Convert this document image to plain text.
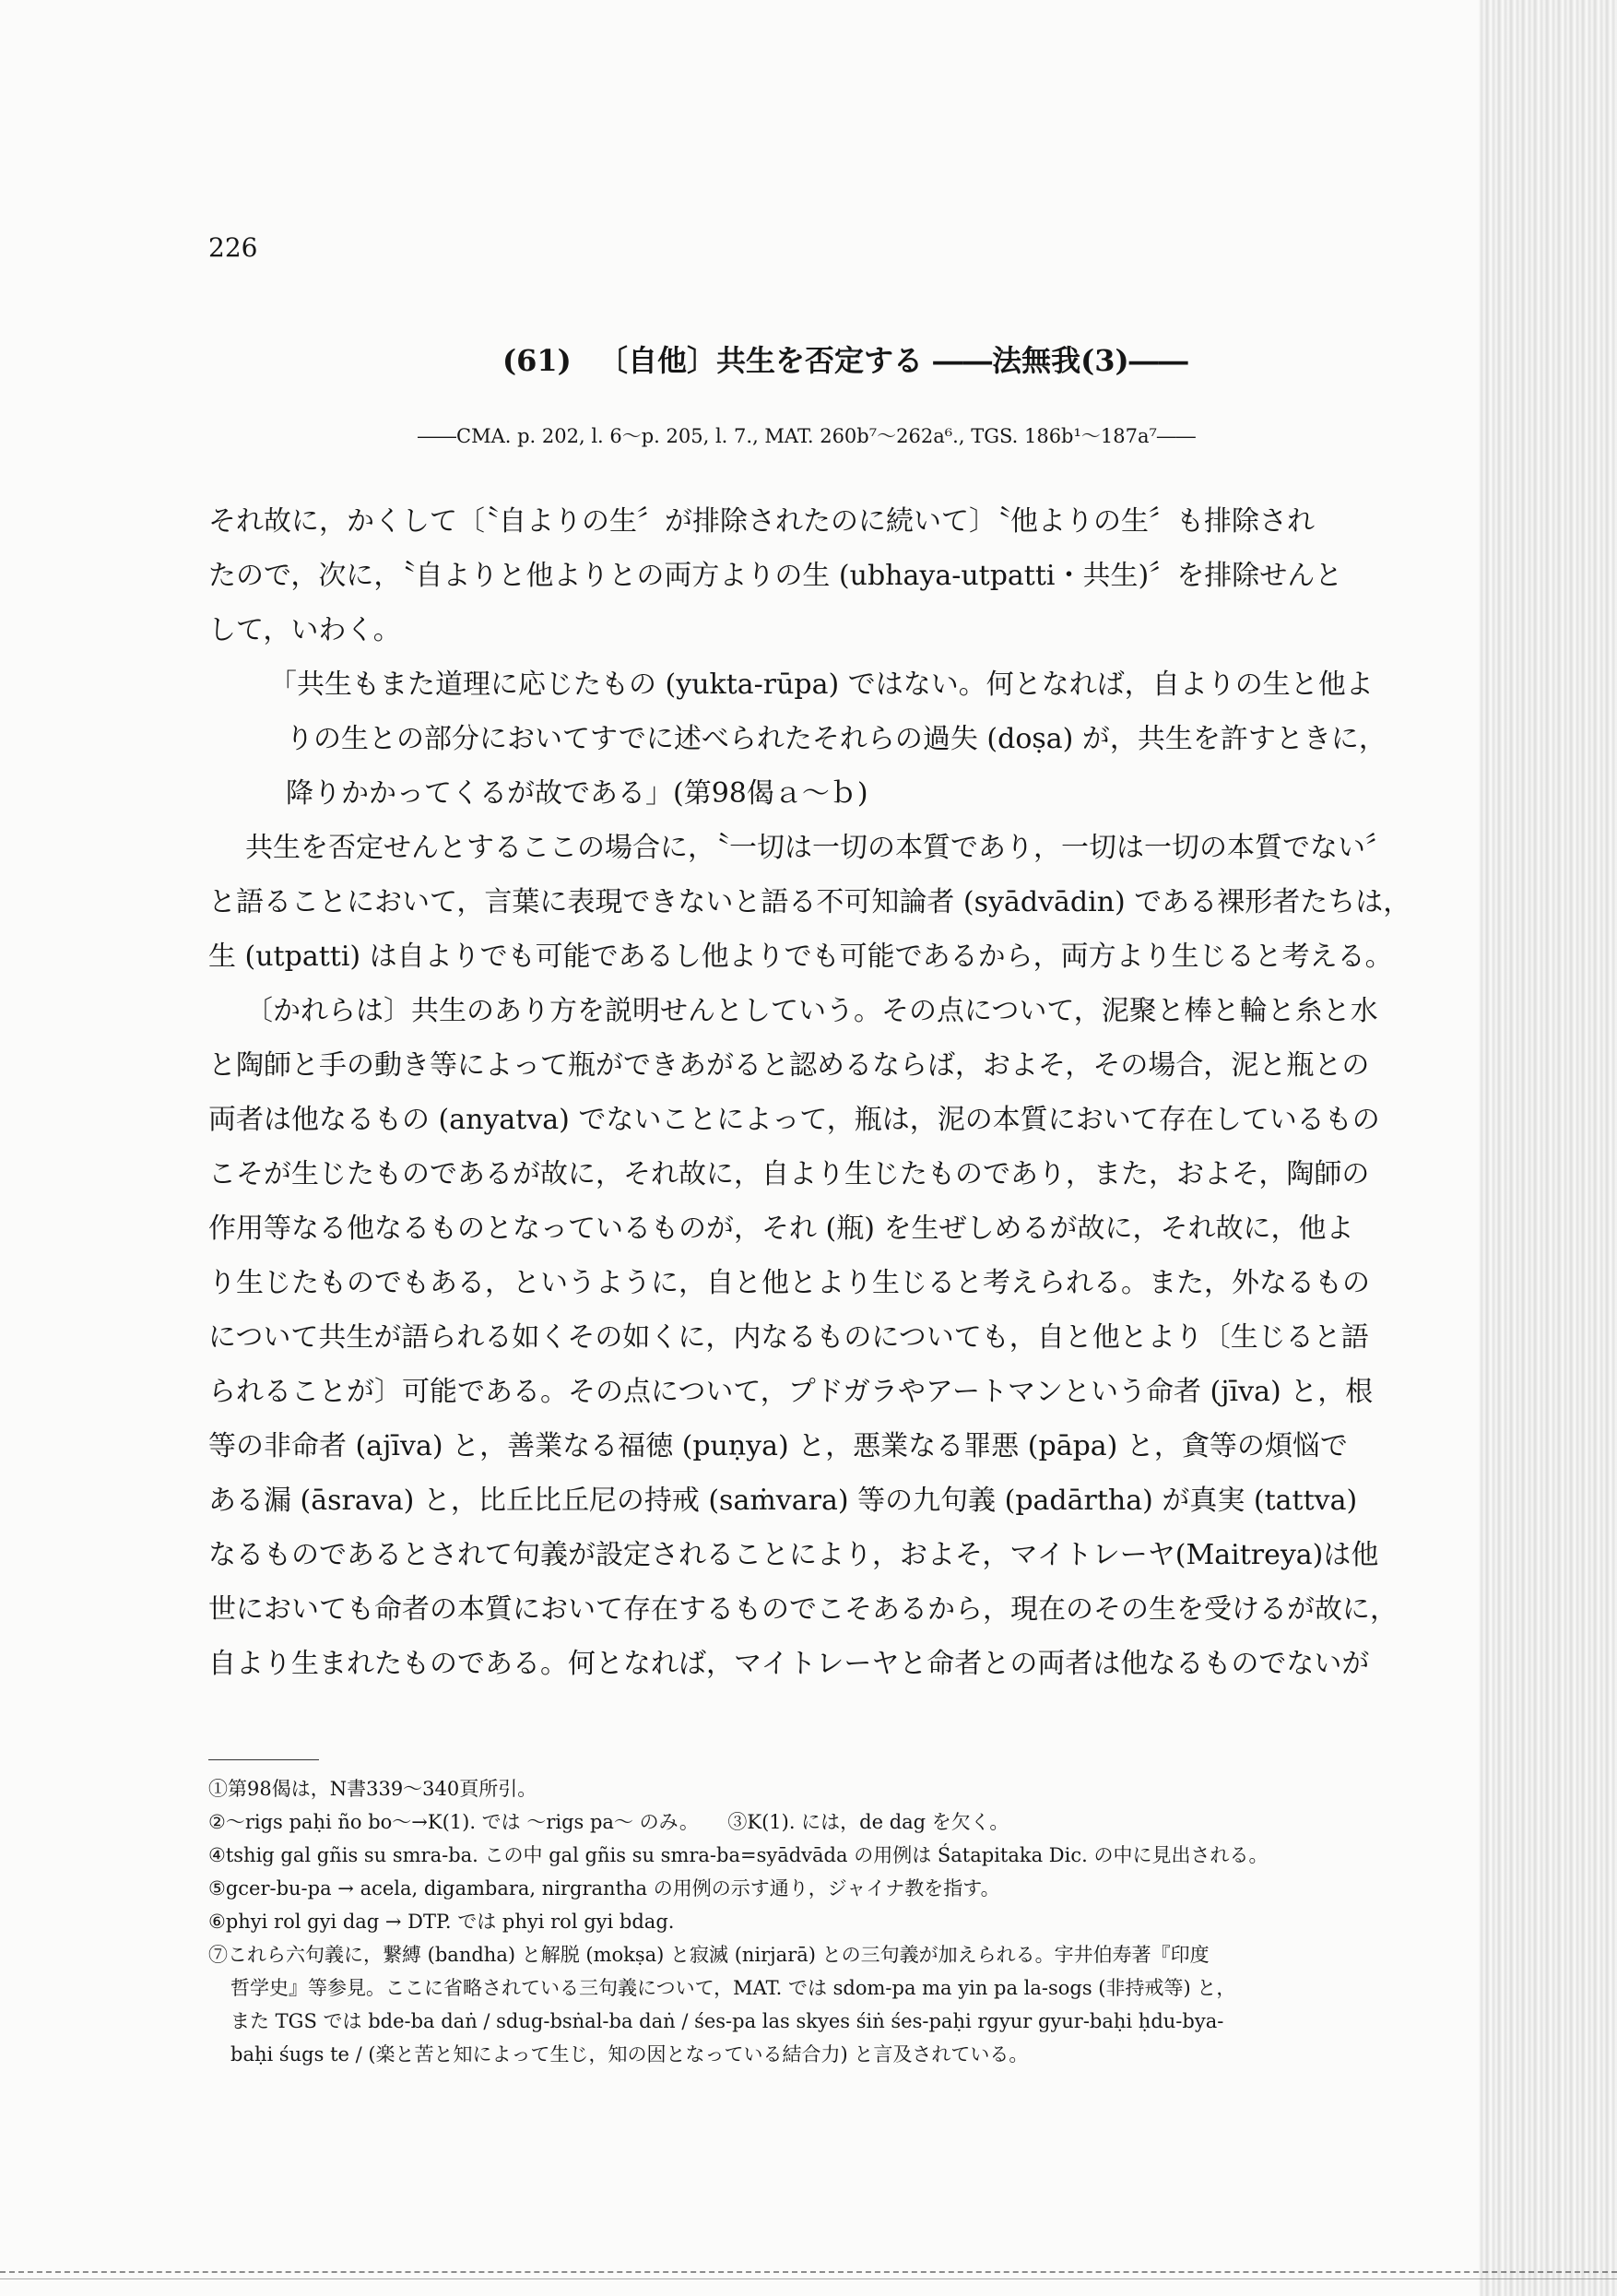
226
(61) 〔自他〕共生を否定する ――法無我(3)――
――CMA. p. 202, l. 6～p. 205, l. 7., MAT. 260b⁷～262a⁶., TGS. 186b¹～187a⁷――
それ故に，かくして〔〝自よりの生〞が排除されたのに続いて〕〝他よりの生〞も排除され
たので，次に，〝自よりと他よりとの両方よりの生 (ubhaya-utpatti・共生)〞を排除せんと
して，いわく。
「共生もまた道理に応じたもの (yukta-rūpa) ではない。何となれば，自よりの生と他よ
りの生との部分においてすでに述べられたそれらの過失 (doṣa) が，共生を許すときに，
降りかかってくるが故である」(第98偈ａ～ｂ)
共生を否定せんとするここの場合に，〝一切は一切の本質であり，一切は一切の本質でない〞
と語ることにおいて，言葉に表現できないと語る不可知論者 (syādvādin) である裸形者たちは，
生 (utpatti) は自よりでも可能であるし他よりでも可能であるから，両方より生じると考える。
〔かれらは〕共生のあり方を説明せんとしていう。その点について，泥聚と棒と輪と糸と水
と陶師と手の動き等によって瓶ができあがると認めるならば，およそ，その場合，泥と瓶との
両者は他なるもの (anyatva) でないことによって，瓶は，泥の本質において存在しているもの
こそが生じたものであるが故に，それ故に，自より生じたものであり，また，およそ，陶師の
作用等なる他なるものとなっているものが，それ (瓶) を生ぜしめるが故に，それ故に，他よ
り生じたものでもある，というように，自と他とより生じると考えられる。また，外なるもの
について共生が語られる如くその如くに，内なるものについても，自と他とより〔生じると語
られることが〕可能である。その点について，プドガラやアートマンという命者 (jīva) と，根
等の非命者 (ajīva) と，善業なる福徳 (puṇya) と，悪業なる罪悪 (pāpa) と，貪等の煩悩で
ある漏 (āsrava) と，比丘比丘尼の持戒 (saṁvara) 等の九句義 (padārtha) が真実 (tattva)
なるものであるとされて句義が設定されることにより，およそ，マイトレーヤ(Maitreya)は他
世においても命者の本質において存在するものでこそあるから，現在のその生を受けるが故に，
自より生まれたものである。何となれば，マイトレーヤと命者との両者は他なるものでないが
①第98偈は，N書339～340頁所引。
②～rigs paḥi ño bo～→K(1). では ～rigs pa～ のみ。　　③K(1). には，de dag を欠く。
④tshig gal gñis su smra-ba. この中 gal gñis su smra-ba=syādvāda の用例は Śatapitaka Dic. の中に見出される。
⑤gcer-bu-pa → acela, digambara, nirgrantha の用例の示す通り，ジャイナ教を指す。
⑥phyi rol gyi dag → DTP. では phyi rol gyi bdag.
⑦これら六句義に，繋縛 (bandha) と解脱 (mokṣa) と寂滅 (nirjarā) との三句義が加えられる。宇井伯寿著『印度
哲学史』等参見。ここに省略されている三句義について，MAT. では sdom-pa ma yin pa la-sogs (非持戒等) と，
また TGS では bde-ba daṅ / sdug-bsṅal-ba daṅ / śes-pa las skyes śiṅ śes-paḥi rgyur gyur-baḥi ḥdu-bya-
baḥi śugs te / (楽と苦と知によって生じ，知の因となっている結合力) と言及されている。
